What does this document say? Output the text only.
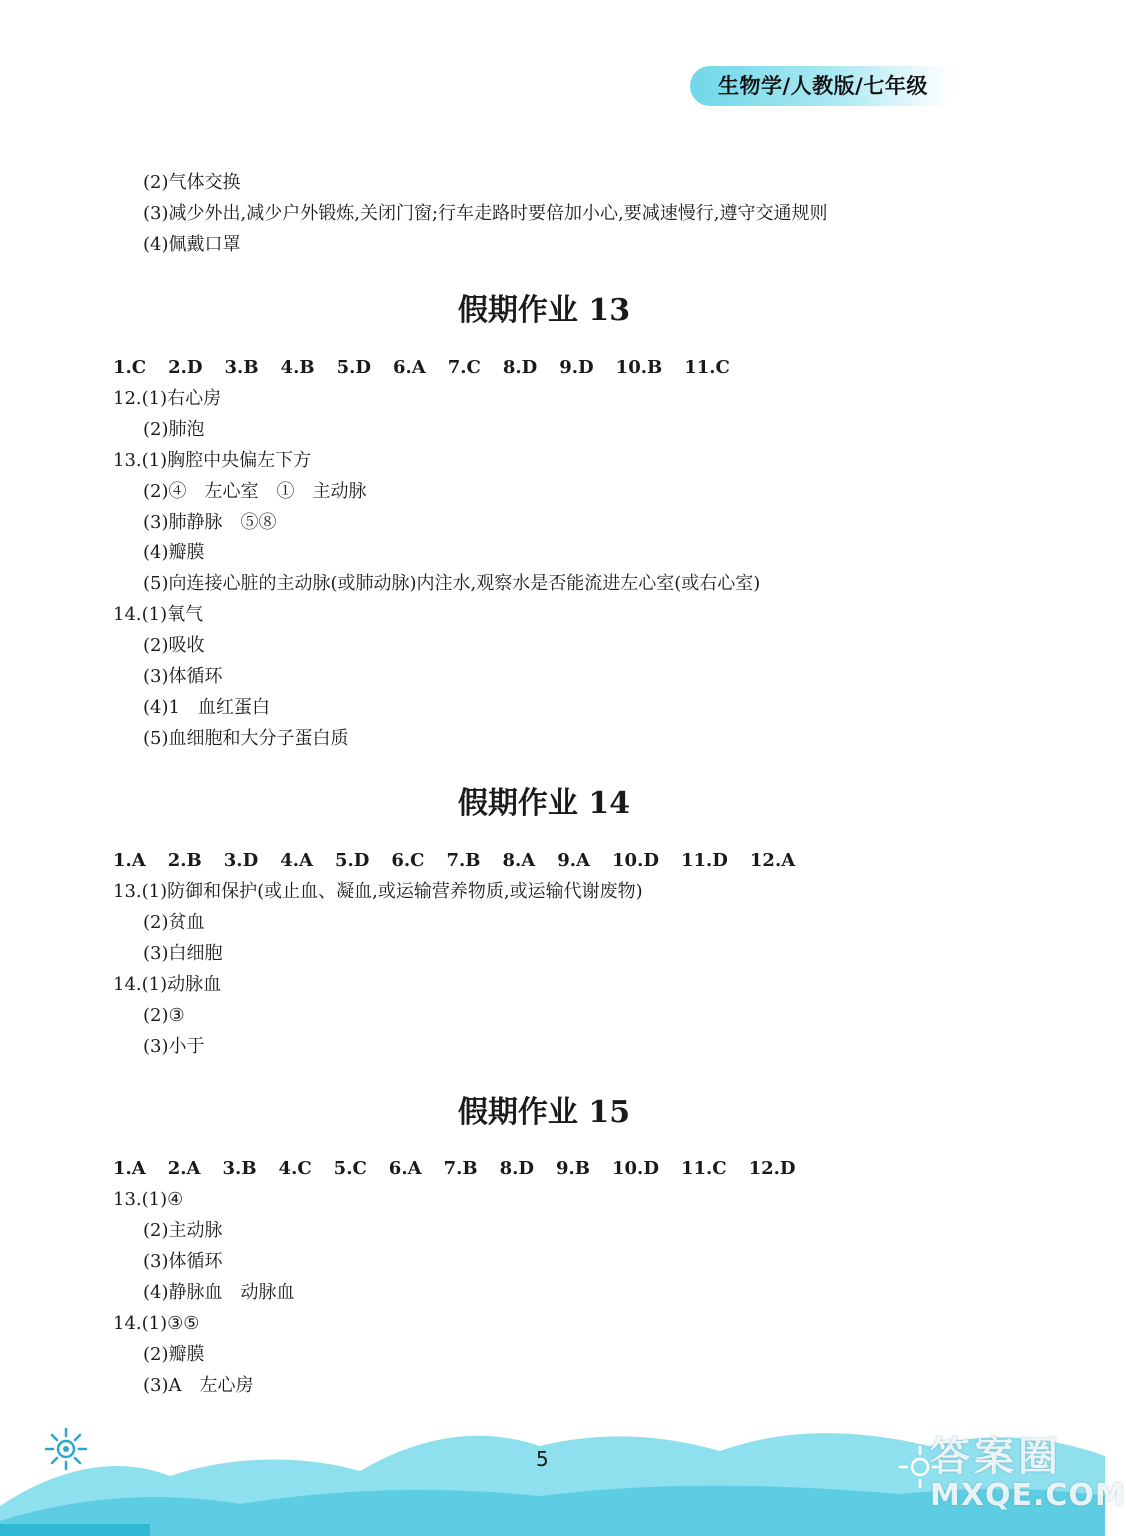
生物学/人教版/七年级
(2)气体交换
(3)减少外出,减少户外锻炼,关闭门窗;行车走路时要倍加小心,要减速慢行,遵守交通规则
(4)佩戴口罩
假期作业 13
1.C 2.D 3.B 4.B 5.D 6.A 7.C 8.D 9.D 10.B 11.C
12.(1)右心房
(2)肺泡
13.(1)胸腔中央偏左下方
(2)④　左心室　①　主动脉
(3)肺静脉　⑤⑧
(4)瓣膜
(5)向连接心脏的主动脉(或肺动脉)内注水,观察水是否能流进左心室(或右心室)
14.(1)氧气
(2)吸收
(3)体循环
(4)1　血红蛋白
(5)血细胞和大分子蛋白质
假期作业 14
1.A 2.B 3.D 4.A 5.D 6.C 7.B 8.A 9.A 10.D 11.D 12.A
13.(1)防御和保护(或止血、凝血,或运输营养物质,或运输代谢废物)
(2)贫血
(3)白细胞
14.(1)动脉血
(2)③
(3)小于
假期作业 15
1.A 2.A 3.B 4.C 5.C 6.A 7.B 8.D 9.B 10.D 11.C 12.D
13.(1)④
(2)主动脉
(3)体循环
(4)静脉血　动脉血
14.(1)③⑤
(2)瓣膜
(3)A　左心房
5	答案圈
MXQE.COM
